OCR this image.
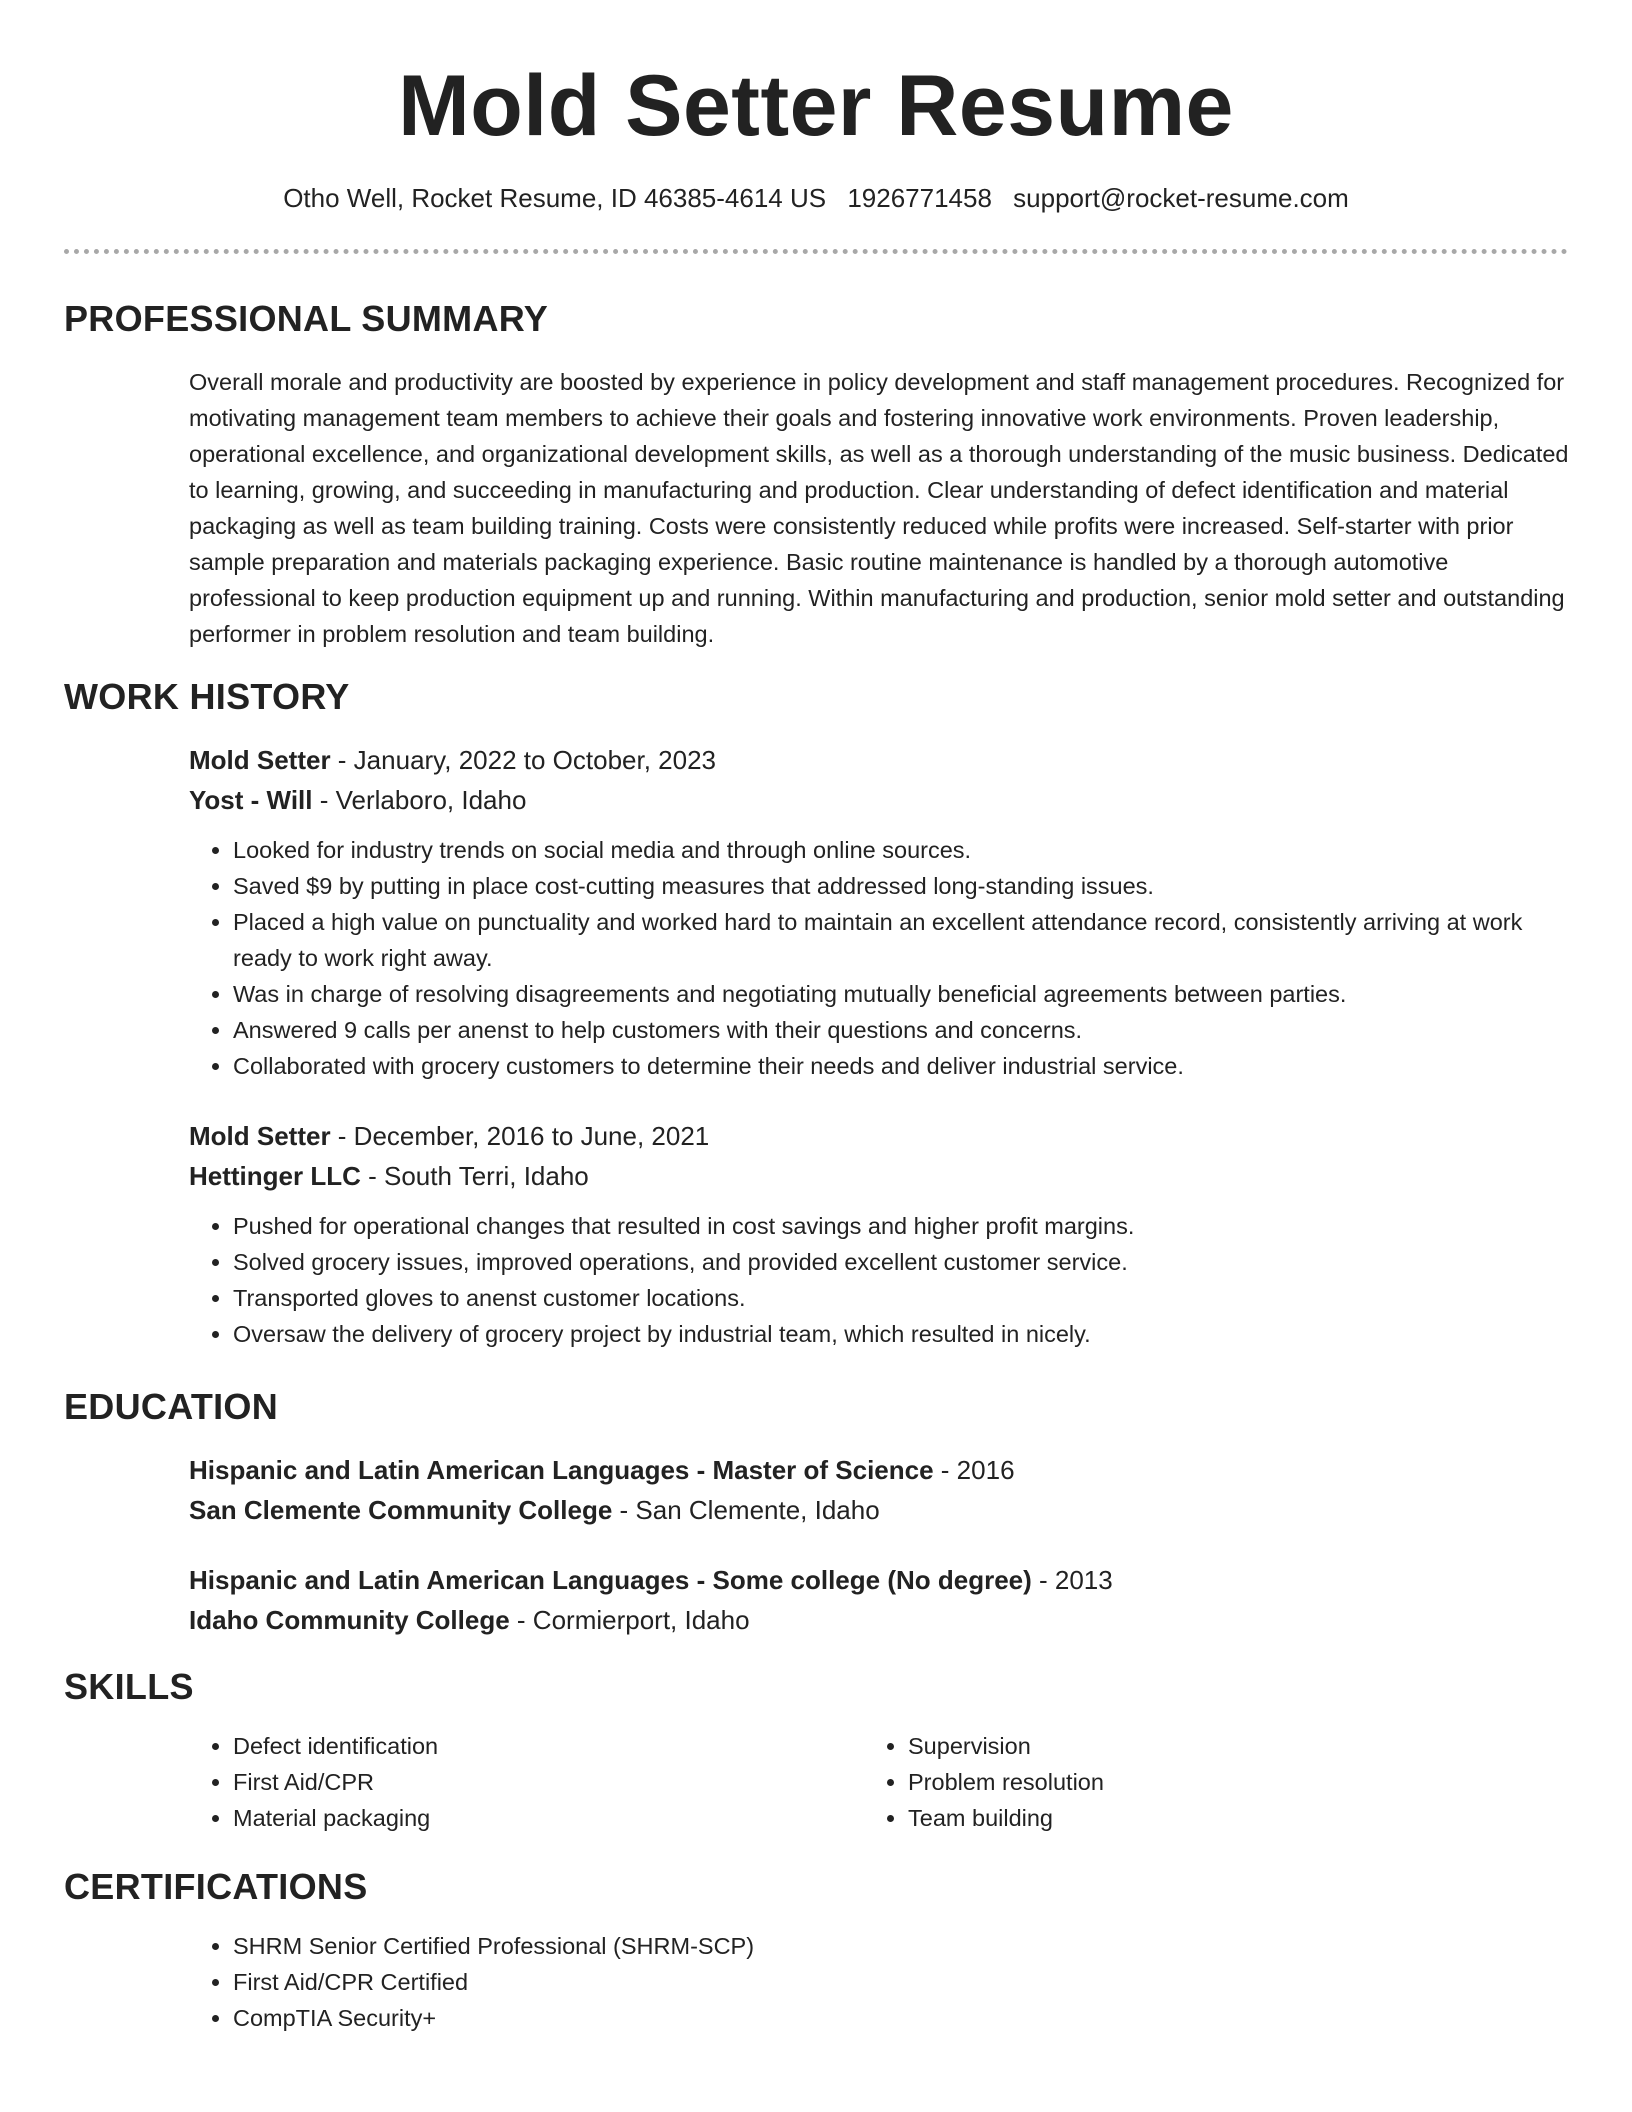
Mold Setter Resume
Otho Well, Rocket Resume, ID 46385-4614 US 1926771458 support@rocket-resume.com
PROFESSIONAL SUMMARY

Overall morale and productivity are boosted by experience in policy development and staff management procedures. Recognized for motivating management team members to achieve their goals and fostering innovative work environments. Proven leadership, operational excellence, and organizational development skills, as well as a thorough understanding of the music business. Dedicated to learning, growing, and succeeding in manufacturing and production. Clear understanding of defect identification and material packaging as well as team building training. Costs were consistently reduced while profits were increased. Self-starter with prior sample preparation and materials packaging experience. Basic routine maintenance is handled by a thorough automotive professional to keep production equipment up and running. Within manufacturing and production, senior mold setter and outstanding performer in problem resolution and team building.

WORK HISTORY

Mold Setter - January, 2022 to October, 2023

Yost - Will - Verlaboro, Idaho

• Looked for industry trends on social media and through online sources.
• Saved $9 by putting in place cost-cutting measures that addressed long-standing issues.
• Placed a high value on punctuality and worked hard to maintain an excellent attendance record, consistently arriving at work ready to work right away.
• Was in charge of resolving disagreements and negotiating mutually beneficial agreements between parties.
• Answered 9 calls per anenst to help customers with their questions and concerns.
• Collaborated with grocery customers to determine their needs and deliver industrial service.

Mold Setter - December, 2016 to June, 2021

Hettinger LLC - South Terri, Idaho

• Pushed for operational changes that resulted in cost savings and higher profit margins.
• Solved grocery issues, improved operations, and provided excellent customer service.
• Transported gloves to anenst customer locations.
• Oversaw the delivery of grocery project by industrial team, which resulted in nicely.
EDUCATION

Hispanic and Latin American Languages - Master of Science - 2016

San Clemente Community College - San Clemente, Idaho

Hispanic and Latin American Languages - Some college (No degree) - 2013

Idaho Community College - Cormierport, Idaho

SKILLS
• Defect identification
• First Aid/CPR
• Material packaging
• Supervision
• Problem resolution
• Team building
CERTIFICATIONS
• SHRM Senior Certified Professional (SHRM-SCP)
• First Aid/CPR Certified
• CompTIA Security+
